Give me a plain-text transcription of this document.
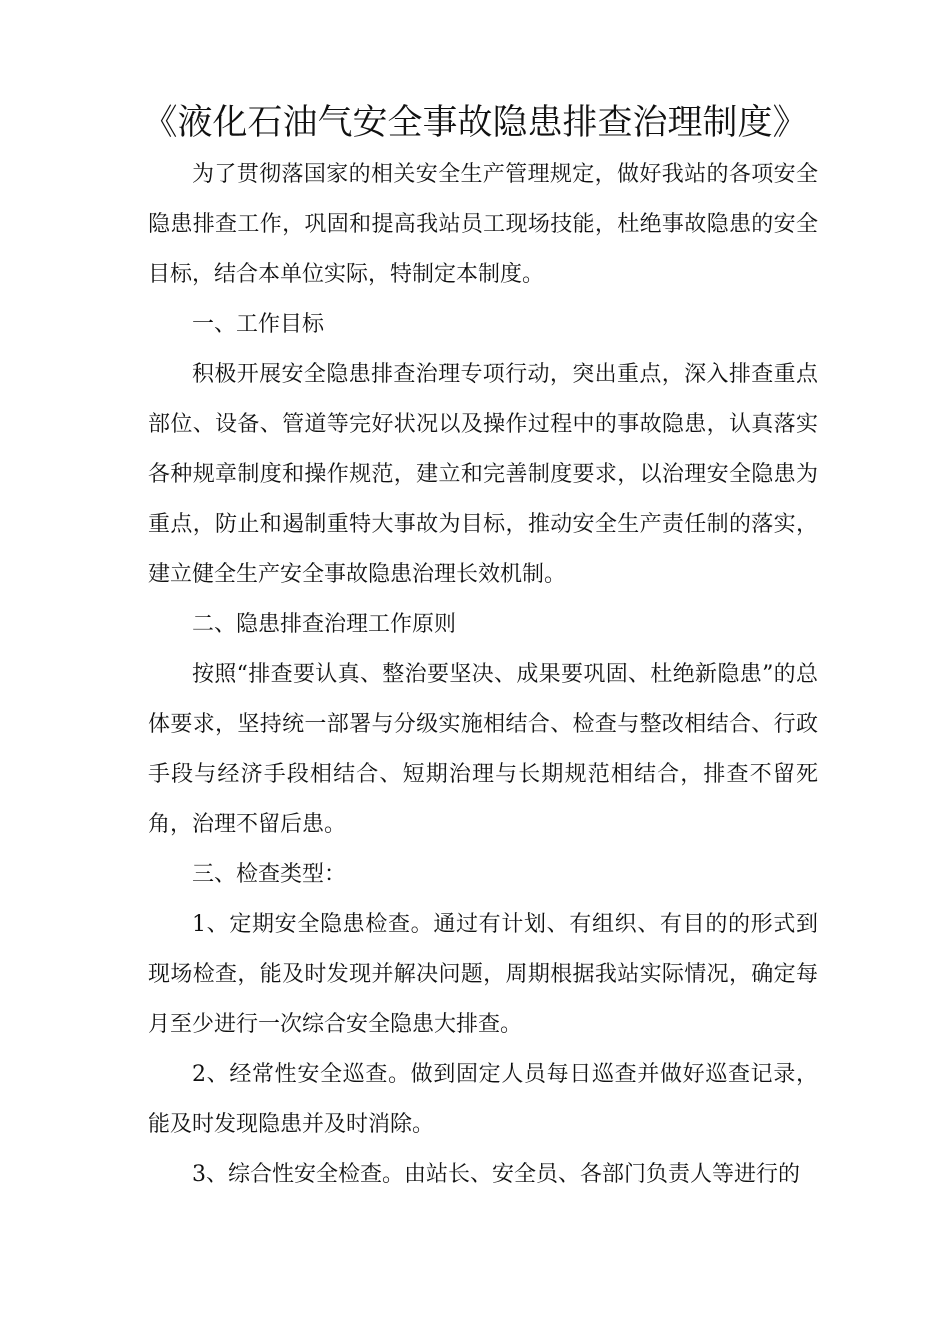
《液化石油气安全事故隐患排查治理制度》

为了贯彻落国家的相关安全生产管理规定，做好我站的各项安全隐患排查工作，巩固和提高我站员工现场技能，杜绝事故隐患的安全目标，结合本单位实际，特制定本制度。

一、工作目标

积极开展安全隐患排查治理专项行动，突出重点，深入排查重点部位、设备、管道等完好状况以及操作过程中的事故隐患，认真落实各种规章制度和操作规范，建立和完善制度要求，以治理安全隐患为重点，防止和遏制重特大事故为目标，推动安全生产责任制的落实，建立健全生产安全事故隐患治理长效机制。

二、隐患排查治理工作原则

按照“排查要认真、整治要坚决、成果要巩固、杜绝新隐患”的总体要求，坚持统一部署与分级实施相结合、检查与整改相结合、行政手段与经济手段相结合、短期治理与长期规范相结合，排查不留死角，治理不留后患。

三、检查类型：

1、定期安全隐患检查。通过有计划、有组织、有目的的形式到现场检查，能及时发现并解决问题，周期根据我站实际情况，确定每月至少进行一次综合安全隐患大排查。

2、经常性安全巡查。做到固定人员每日巡查并做好巡查记录，能及时发现隐患并及时消除。

3、综合性安全检查。由站长、安全员、各部门负责人等进行的
